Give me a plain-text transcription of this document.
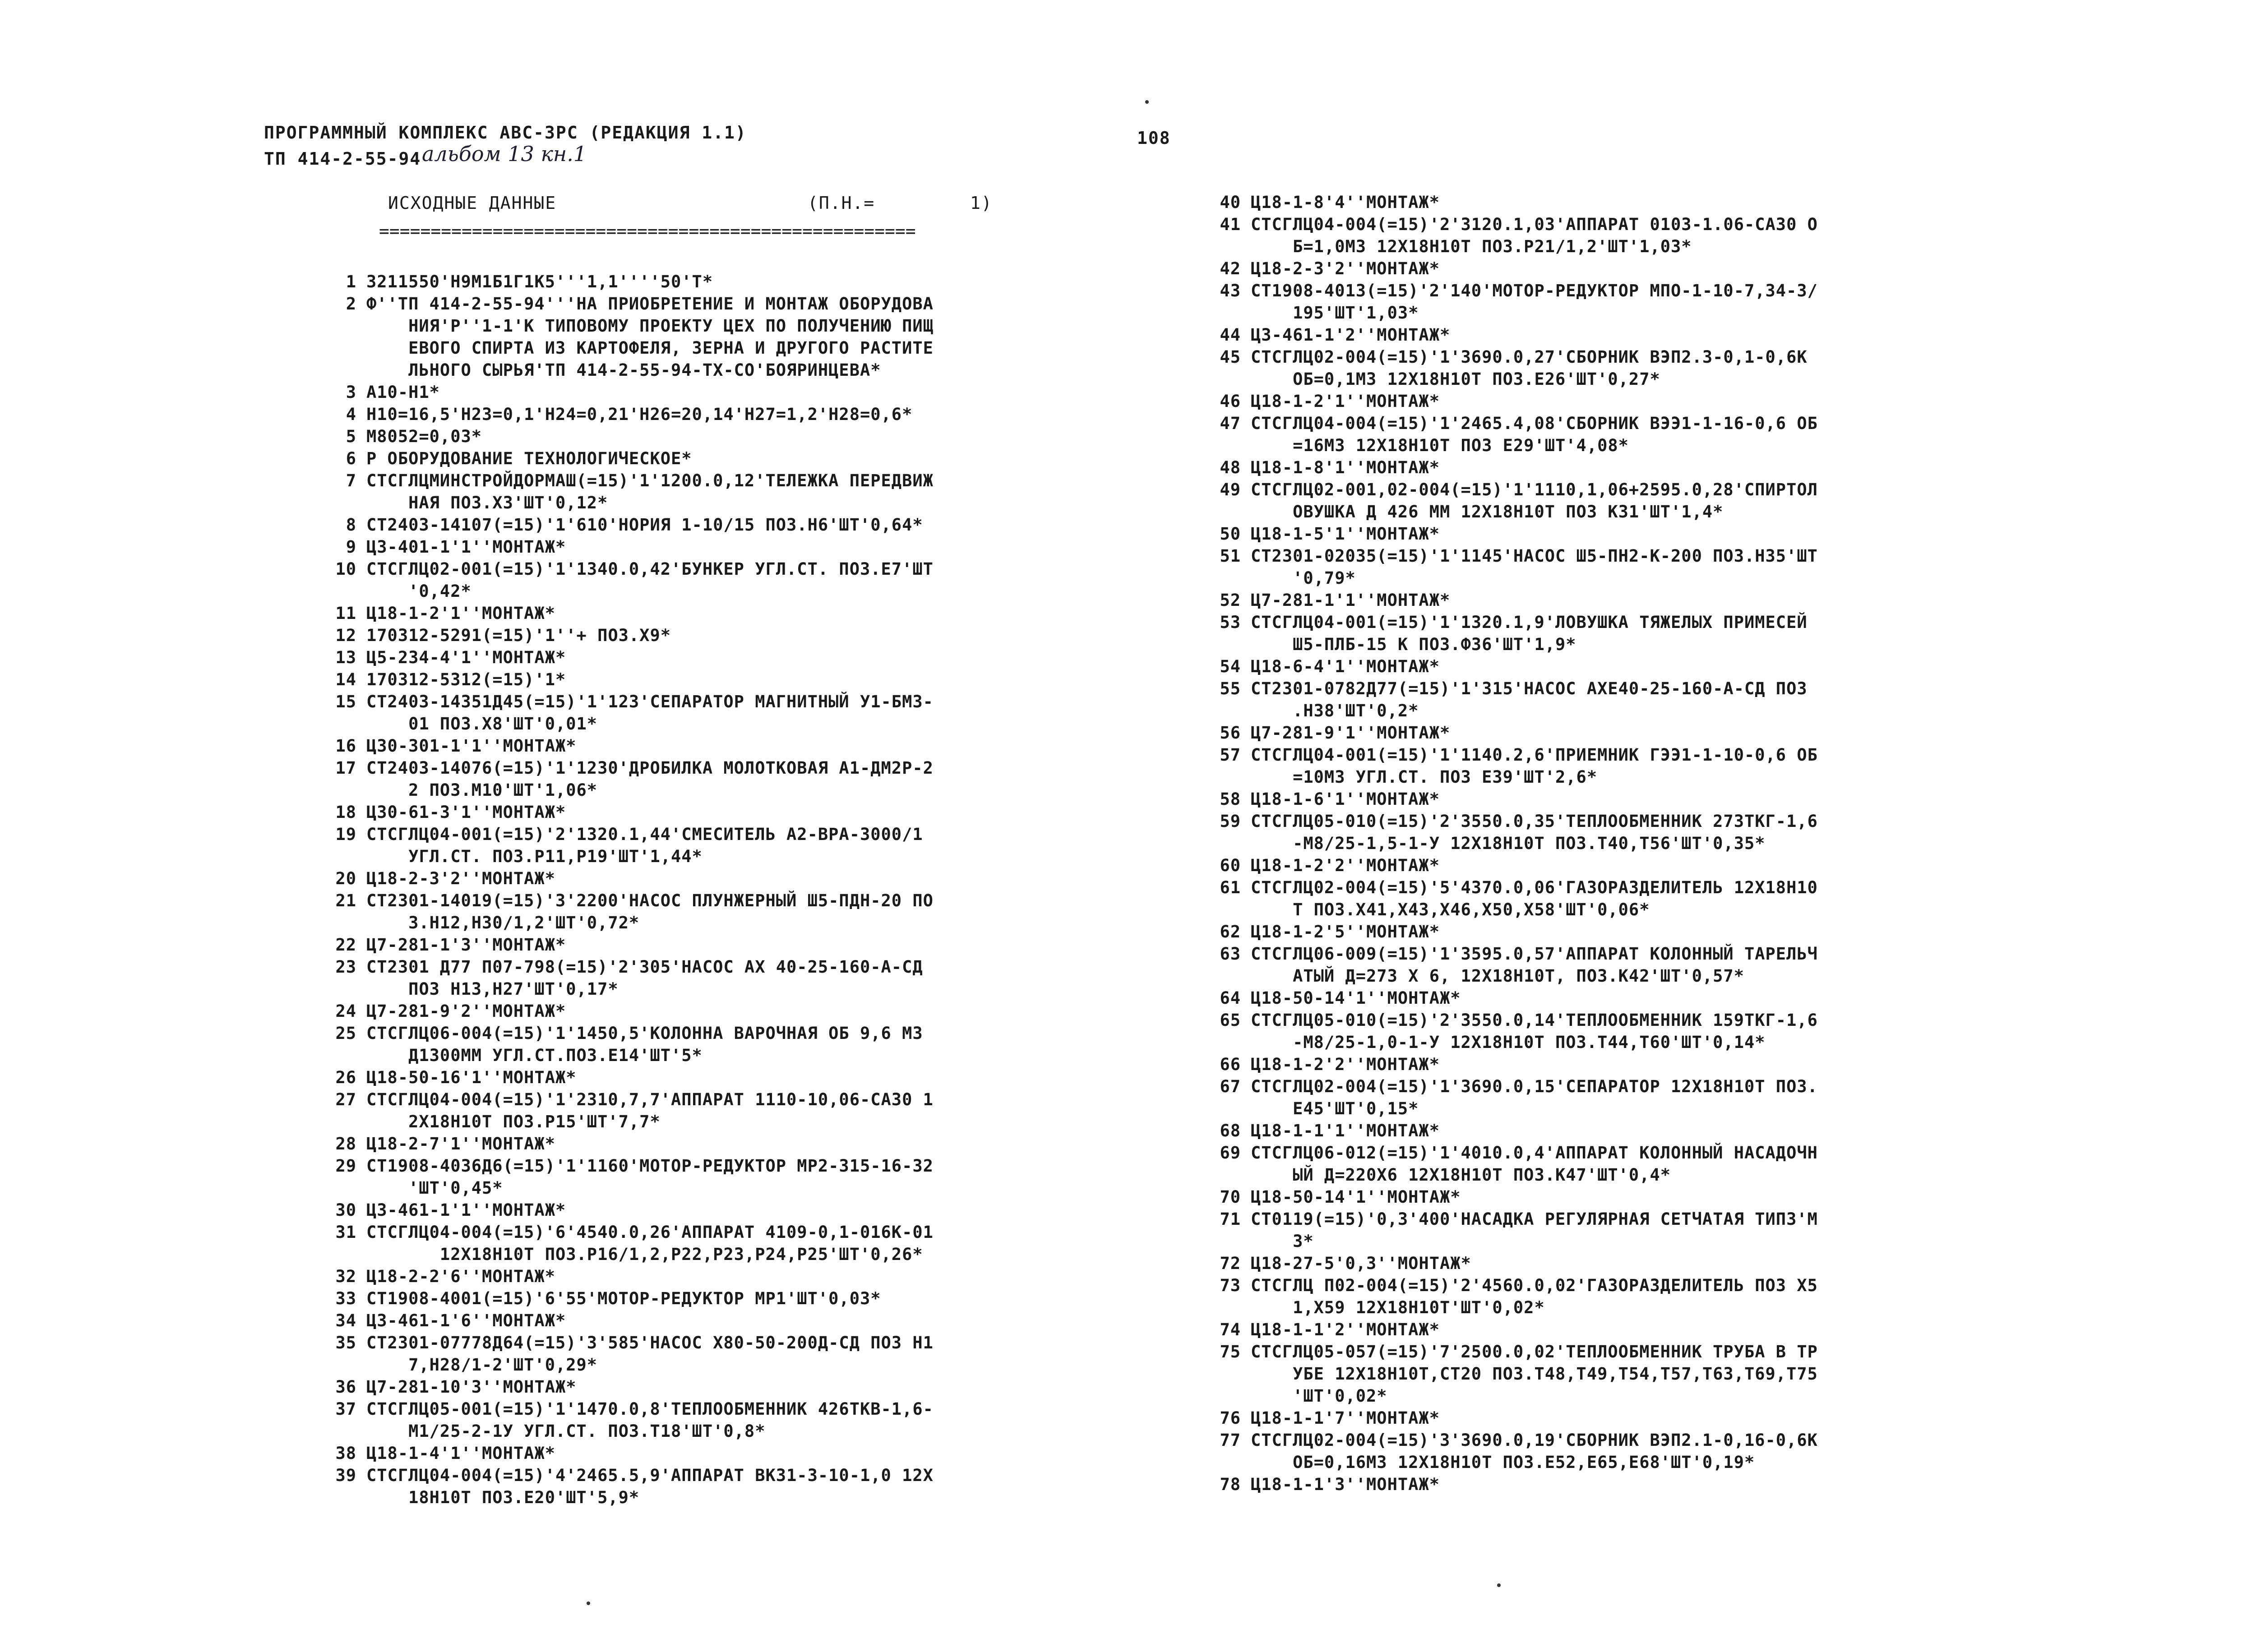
ПРОГРАММНЫЙ КОМПЛЕКС АВС-3РС (РЕДАКЦИЯ 1.1)
ТП 414-2-55-94 альбом 13 кн.1
108
ИСХОДНЫЕ ДАННЫЕ	(П.Н.=	1)
====================================================
1 3211550'Н9М1Б1Г1К5'''1,1''''50'Т*
2 Ф''ТП 414-2-55-94'''НА ПРИОБРЕТЕНИЕ И МОНТАЖ ОБОРУДОВА
НИЯ'Р''1-1'К ТИПОВОМУ ПРОЕКТУ ЦЕХ ПО ПОЛУЧЕНИЮ ПИЩ
ЕВОГО СПИРТА ИЗ КАРТОФЕЛЯ, ЗЕРНА И ДРУГОГО РАСТИТЕ
ЛЬНОГО СЫРЬЯ'ТП 414-2-55-94-ТХ-СО'БОЯРИНЦЕВА*
3 А10-Н1*
4 Н10=16,5'Н23=0,1'Н24=0,21'Н26=20,14'Н27=1,2'Н28=0,6*
5 М8052=0,03*
6 Р ОБОРУДОВАНИЕ ТЕХНОЛОГИЧЕСКОЕ*
7 СТСГЛЦМИНСТРОЙДОРМАШ(=15)'1'1200.0,12'ТЕЛЕЖКА ПЕРЕДВИЖ
НАЯ ПОЗ.Х3'ШТ'0,12*
8 СТ2403-14107(=15)'1'610'НОРИЯ 1-10/15 ПОЗ.Н6'ШТ'0,64*
9 Ц3-401-1'1''МОНТАЖ*
10 СТСГЛЦ02-001(=15)'1'1340.0,42'БУНКЕР УГЛ.СТ. ПОЗ.Е7'ШТ
'0,42*
11 Ц18-1-2'1''МОНТАЖ*
12 170312-5291(=15)'1''+ ПОЗ.Х9*
13 Ц5-234-4'1''МОНТАЖ*
14 170312-5312(=15)'1*
15 СТ2403-14351Д45(=15)'1'123'СЕПАРАТОР МАГНИТНЫЙ У1-БМЗ-
01 ПОЗ.Х8'ШТ'0,01*
16 Ц30-301-1'1''МОНТАЖ*
17 СТ2403-14076(=15)'1'1230'ДРОБИЛКА МОЛОТКОВАЯ А1-ДМ2Р-2
2 ПОЗ.М10'ШТ'1,06*
18 Ц30-61-3'1''МОНТАЖ*
19 СТСГЛЦ04-001(=15)'2'1320.1,44'СМЕСИТЕЛЬ А2-ВРА-3000/1
УГЛ.СТ. ПОЗ.Р11,Р19'ШТ'1,44*
20 Ц18-2-3'2''МОНТАЖ*
21 СТ2301-14019(=15)'3'2200'НАСОС ПЛУНЖЕРНЫЙ Ш5-ПДН-20 ПО
З.Н12,Н30/1,2'ШТ'0,72*
22 Ц7-281-1'3''МОНТАЖ*
23 СТ2301 Д77 П07-798(=15)'2'305'НАСОС АХ 40-25-160-А-СД
ПОЗ Н13,Н27'ШТ'0,17*
24 Ц7-281-9'2''МОНТАЖ*
25 СТСГЛЦ06-004(=15)'1'1450,5'КОЛОННА ВАРОЧНАЯ ОБ 9,6 М3
Д1300ММ УГЛ.СТ.ПОЗ.Е14'ШТ'5*
26 Ц18-50-16'1''МОНТАЖ*
27 СТСГЛЦ04-004(=15)'1'2310,7,7'АППАРАТ 1110-10,06-СА30 1
2Х18Н10Т ПОЗ.Р15'ШТ'7,7*
28 Ц18-2-7'1''МОНТАЖ*
29 СТ1908-4036Д6(=15)'1'1160'МОТОР-РЕДУКТОР МР2-315-16-32
'ШТ'0,45*
30 Ц3-461-1'1''МОНТАЖ*
31 СТСГЛЦ04-004(=15)'6'4540.0,26'АППАРАТ 4109-0,1-016К-01
12Х18Н10Т ПОЗ.Р16/1,2,Р22,Р23,Р24,Р25'ШТ'0,26*
32 Ц18-2-2'6''МОНТАЖ*
33 СТ1908-4001(=15)'6'55'МОТОР-РЕДУКТОР МР1'ШТ'0,03*
34 Ц3-461-1'6''МОНТАЖ*
35 СТ2301-07778Д64(=15)'3'585'НАСОС Х80-50-200Д-СД ПОЗ Н1
7,Н28/1-2'ШТ'0,29*
36 Ц7-281-10'3''МОНТАЖ*
37 СТСГЛЦ05-001(=15)'1'1470.0,8'ТЕПЛООБМЕННИК 426ТКВ-1,6-
М1/25-2-1У УГЛ.СТ. ПОЗ.Т18'ШТ'0,8*
38 Ц18-1-4'1''МОНТАЖ*
39 СТСГЛЦ04-004(=15)'4'2465.5,9'АППАРАТ ВКЗ1-3-10-1,0 12Х
18Н10Т ПОЗ.Е20'ШТ'5,9*
40 Ц18-1-8'4''МОНТАЖ*
41 СТСГЛЦ04-004(=15)'2'3120.1,03'АППАРАТ 0103-1.06-СА30 О
Б=1,0М3 12Х18Н10Т ПОЗ.Р21/1,2'ШТ'1,03*
42 Ц18-2-3'2''МОНТАЖ*
43 СТ1908-4013(=15)'2'140'МОТОР-РЕДУКТОР МПО-1-10-7,34-3/
195'ШТ'1,03*
44 Ц3-461-1'2''МОНТАЖ*
45 СТСГЛЦ02-004(=15)'1'3690.0,27'СБОРНИК ВЭП2.3-0,1-0,6К
ОБ=0,1М3 12Х18Н10Т ПОЗ.Е26'ШТ'0,27*
46 Ц18-1-2'1''МОНТАЖ*
47 СТСГЛЦ04-004(=15)'1'2465.4,08'СБОРНИК ВЭЭ1-1-16-0,6 ОБ
=16М3 12Х18Н10Т ПОЗ Е29'ШТ'4,08*
48 Ц18-1-8'1''МОНТАЖ*
49 СТСГЛЦ02-001,02-004(=15)'1'1110,1,06+2595.0,28'СПИРТОЛ
ОВУШКА Д 426 ММ 12Х18Н10Т ПОЗ К31'ШТ'1,4*
50 Ц18-1-5'1''МОНТАЖ*
51 СТ2301-02035(=15)'1'1145'НАСОС Ш5-ПН2-К-200 ПОЗ.Н35'ШТ
'0,79*
52 Ц7-281-1'1''МОНТАЖ*
53 СТСГЛЦ04-001(=15)'1'1320.1,9'ЛОВУШКА ТЯЖЕЛЫХ ПРИМЕСЕЙ
Ш5-ПЛБ-15 К ПОЗ.Ф36'ШТ'1,9*
54 Ц18-6-4'1''МОНТАЖ*
55 СТ2301-0782Д77(=15)'1'315'НАСОС АХЕ40-25-160-А-СД ПОЗ
.Н38'ШТ'0,2*
56 Ц7-281-9'1''МОНТАЖ*
57 СТСГЛЦ04-001(=15)'1'1140.2,6'ПРИЕМНИК ГЭЭ1-1-10-0,6 ОБ
=10М3 УГЛ.СТ. ПОЗ Е39'ШТ'2,6*
58 Ц18-1-6'1''МОНТАЖ*
59 СТСГЛЦ05-010(=15)'2'3550.0,35'ТЕПЛООБМЕННИК 273ТКГ-1,6
-М8/25-1,5-1-У 12Х18Н10Т ПОЗ.Т40,Т56'ШТ'0,35*
60 Ц18-1-2'2''МОНТАЖ*
61 СТСГЛЦ02-004(=15)'5'4370.0,06'ГАЗОРАЗДЕЛИТЕЛЬ 12Х18Н10
Т ПОЗ.Х41,Х43,Х46,Х50,Х58'ШТ'0,06*
62 Ц18-1-2'5''МОНТАЖ*
63 СТСГЛЦ06-009(=15)'1'3595.0,57'АППАРАТ КОЛОННЫЙ ТАРЕЛЬЧ
АТЫЙ Д=273 Х 6, 12Х18Н10Т, ПОЗ.К42'ШТ'0,57*
64 Ц18-50-14'1''МОНТАЖ*
65 СТСГЛЦ05-010(=15)'2'3550.0,14'ТЕПЛООБМЕННИК 159ТКГ-1,6
-М8/25-1,0-1-У 12Х18Н10Т ПОЗ.Т44,Т60'ШТ'0,14*
66 Ц18-1-2'2''МОНТАЖ*
67 СТСГЛЦ02-004(=15)'1'3690.0,15'СЕПАРАТОР 12Х18Н10Т ПОЗ.
Е45'ШТ'0,15*
68 Ц18-1-1'1''МОНТАЖ*
69 СТСГЛЦ06-012(=15)'1'4010.0,4'АППАРАТ КОЛОННЫЙ НАСАДОЧН
ЫЙ Д=220Х6 12Х18Н10Т ПОЗ.К47'ШТ'0,4*
70 Ц18-50-14'1''МОНТАЖ*
71 СТ0119(=15)'0,3'400'НАСАДКА РЕГУЛЯРНАЯ СЕТЧАТАЯ ТИП3'М
3*
72 Ц18-27-5'0,3''МОНТАЖ*
73 СТСГЛЦ П02-004(=15)'2'4560.0,02'ГАЗОРАЗДЕЛИТЕЛЬ ПОЗ Х5
1,Х59 12Х18Н10Т'ШТ'0,02*
74 Ц18-1-1'2''МОНТАЖ*
75 СТСГЛЦ05-057(=15)'7'2500.0,02'ТЕПЛООБМЕННИК ТРУБА В ТР
УБЕ 12Х18Н10Т,СТ20 ПОЗ.Т48,Т49,Т54,Т57,Т63,Т69,Т75
'ШТ'0,02*
76 Ц18-1-1'7''МОНТАЖ*
77 СТСГЛЦ02-004(=15)'3'3690.0,19'СБОРНИК ВЭП2.1-0,16-0,6К
ОБ=0,16М3 12Х18Н10Т ПОЗ.Е52,Е65,Е68'ШТ'0,19*
78 Ц18-1-1'3''МОНТАЖ*
